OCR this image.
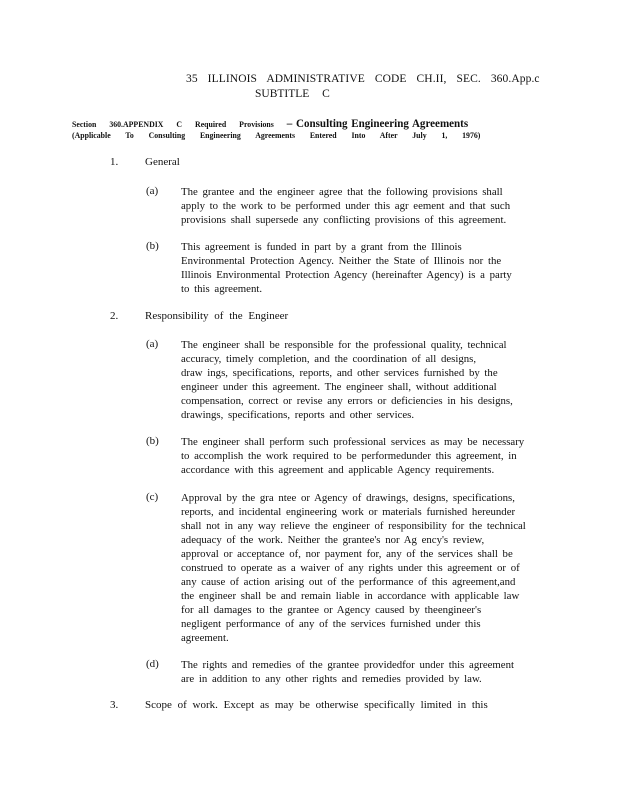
35 ILLINOIS ADMINISTRATIVE CODE CH.II, SEC. 360.App.c
SUBTITLE C
Section 360.APPENDIX C Required Provisions – Consulting Engineering Agreements
(Applicable To Consulting Engineering Agreements Entered Into After July 1, 1976)
1. General
(a) The grantee and the engineer agree that the following provisions shall
apply to the work to be performed under this agr eement and that such
provisions shall supersede any conflicting provisions of this agreement.
(b) This agreement is funded in part by a grant from the Illinois
Environmental Protection Agency. Neither the State of Illinois nor the
Illinois Environmental Protection Agency (hereinafter Agency) is a party
to this agreement.
2. Responsibility of the Engineer
(a) The engineer shall be responsible for the professional quality, technical
accuracy, timely completion, and the coordination of all designs,
draw ings, specifications, reports, and other services furnished by the
engineer under this agreement. The engineer shall, without additional
compensation, correct or revise any errors or deficiencies in his designs,
drawings, specifications, reports and other services.
(b) The engineer shall perform such professional services as may be necessary
to accomplish the work required to be performedunder this agreement, in
accordance with this agreement and applicable Agency requirements.
(c) Approval by the gra ntee or Agency of drawings, designs, specifications,
reports, and incidental engineering work or materials furnished hereunder
shall not in any way relieve the engineer of responsibility for the technical
adequacy of the work. Neither the grantee's nor Ag ency's review,
approval or acceptance of, nor payment for, any of the services shall be
construed to operate as a waiver of any rights under this agreement or of
any cause of action arising out of the performance of this agreement,and
the engineer shall be and remain liable in accordance with applicable law
for all damages to the grantee or Agency caused by theengineer's
negligent performance of any of the services furnished under this
agreement.
(d) The rights and remedies of the grantee providedfor under this agreement
are in addition to any other rights and remedies provided by law.
3. Scope of work. Except as may be otherwise specifically limited in this
